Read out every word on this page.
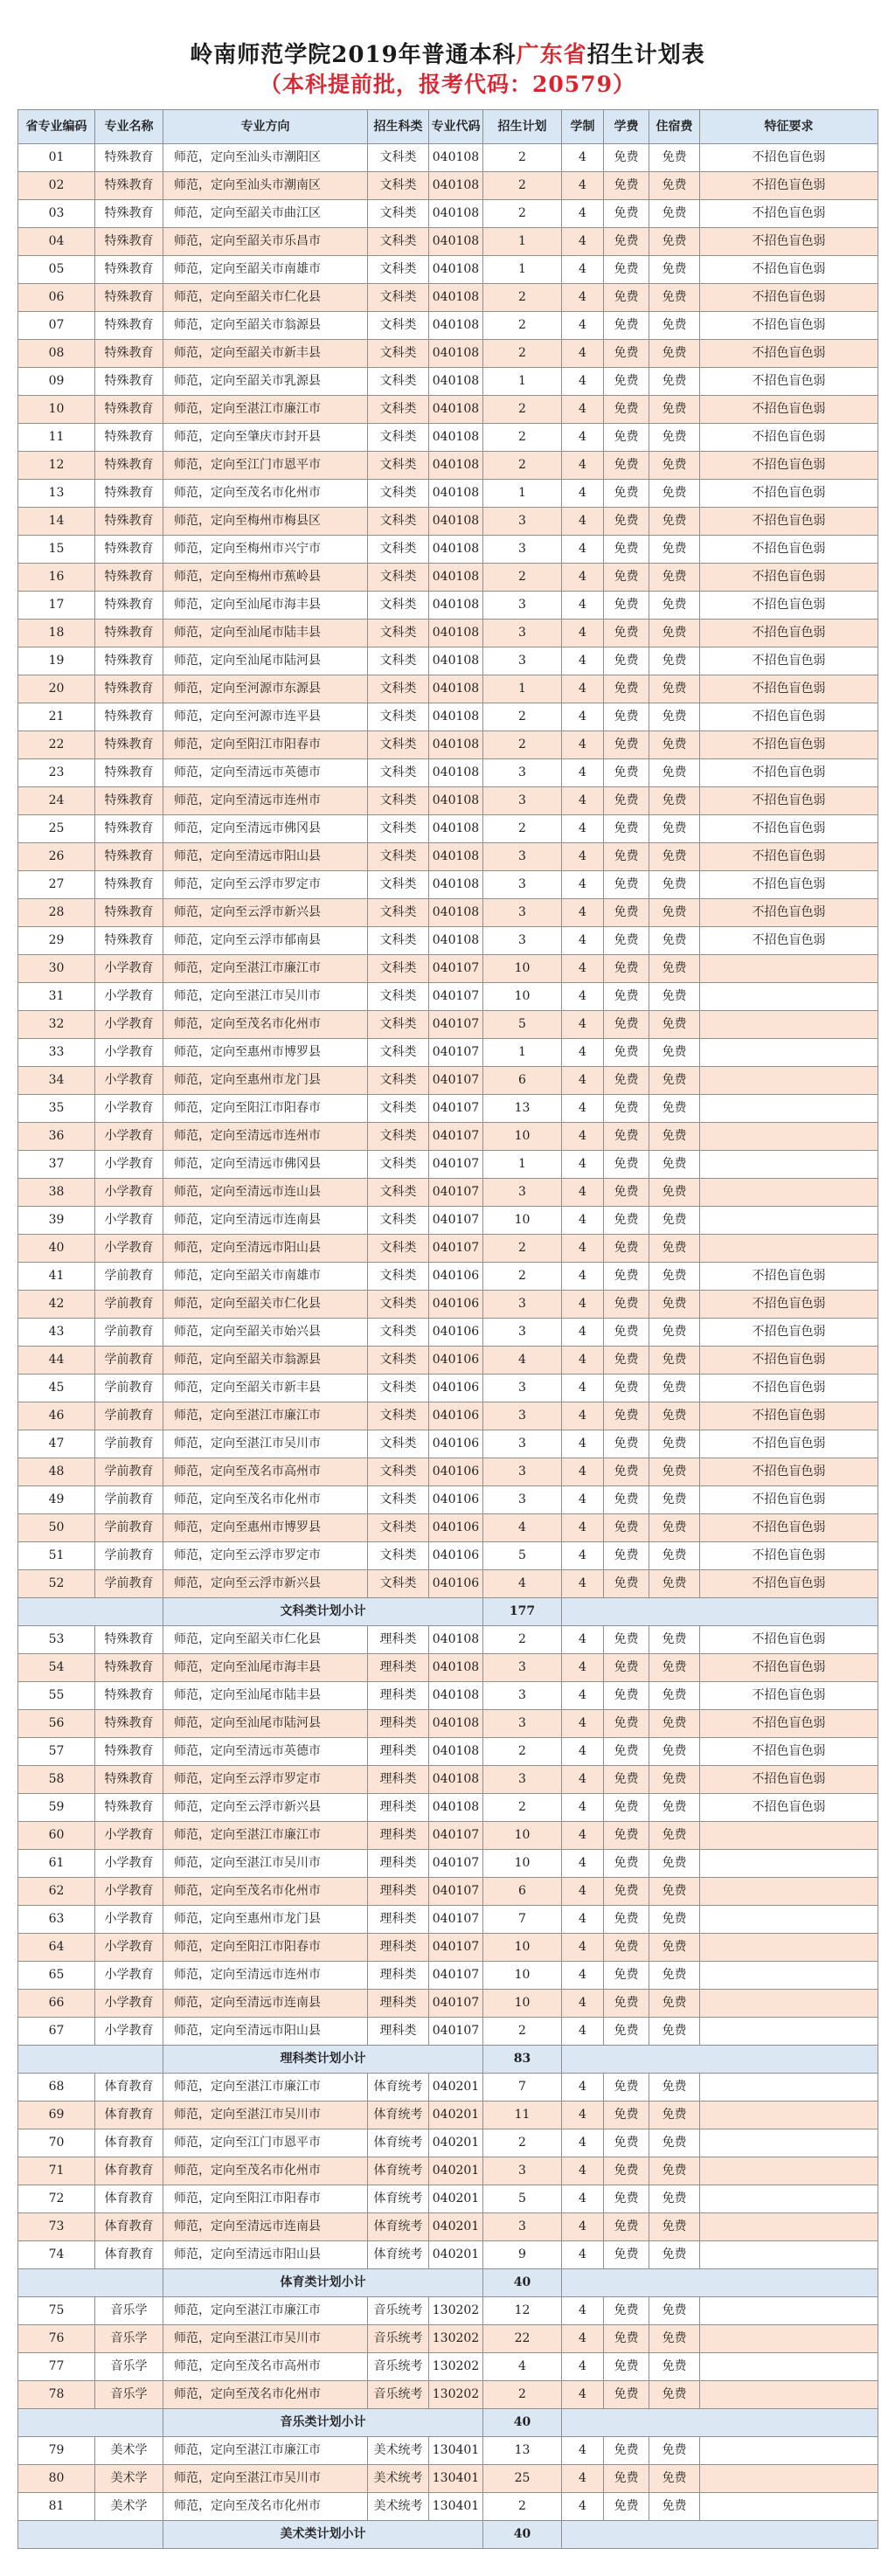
岭南师范学院2019年普通本科广东省招生计划表
（本科提前批，报考代码：20579）
省专业编码	专业名称	专业方向	招生科类	专业代码	招生计划	学制	学费	住宿费	特征要求
01	特殊教育	师范，定向至汕头市潮阳区	文科类	040108	2	4	免费	免费	不招色盲色弱
02	特殊教育	师范，定向至汕头市潮南区	文科类	040108	2	4	免费	免费	不招色盲色弱
03	特殊教育	师范，定向至韶关市曲江区	文科类	040108	2	4	免费	免费	不招色盲色弱
04	特殊教育	师范，定向至韶关市乐昌市	文科类	040108	1	4	免费	免费	不招色盲色弱
05	特殊教育	师范，定向至韶关市南雄市	文科类	040108	1	4	免费	免费	不招色盲色弱
06	特殊教育	师范，定向至韶关市仁化县	文科类	040108	2	4	免费	免费	不招色盲色弱
07	特殊教育	师范，定向至韶关市翁源县	文科类	040108	2	4	免费	免费	不招色盲色弱
08	特殊教育	师范，定向至韶关市新丰县	文科类	040108	2	4	免费	免费	不招色盲色弱
09	特殊教育	师范，定向至韶关市乳源县	文科类	040108	1	4	免费	免费	不招色盲色弱
10	特殊教育	师范，定向至湛江市廉江市	文科类	040108	2	4	免费	免费	不招色盲色弱
11	特殊教育	师范，定向至肇庆市封开县	文科类	040108	2	4	免费	免费	不招色盲色弱
12	特殊教育	师范，定向至江门市恩平市	文科类	040108	2	4	免费	免费	不招色盲色弱
13	特殊教育	师范，定向至茂名市化州市	文科类	040108	1	4	免费	免费	不招色盲色弱
14	特殊教育	师范，定向至梅州市梅县区	文科类	040108	3	4	免费	免费	不招色盲色弱
15	特殊教育	师范，定向至梅州市兴宁市	文科类	040108	3	4	免费	免费	不招色盲色弱
16	特殊教育	师范，定向至梅州市蕉岭县	文科类	040108	2	4	免费	免费	不招色盲色弱
17	特殊教育	师范，定向至汕尾市海丰县	文科类	040108	3	4	免费	免费	不招色盲色弱
18	特殊教育	师范，定向至汕尾市陆丰县	文科类	040108	3	4	免费	免费	不招色盲色弱
19	特殊教育	师范，定向至汕尾市陆河县	文科类	040108	3	4	免费	免费	不招色盲色弱
20	特殊教育	师范，定向至河源市东源县	文科类	040108	1	4	免费	免费	不招色盲色弱
21	特殊教育	师范，定向至河源市连平县	文科类	040108	2	4	免费	免费	不招色盲色弱
22	特殊教育	师范，定向至阳江市阳春市	文科类	040108	2	4	免费	免费	不招色盲色弱
23	特殊教育	师范，定向至清远市英德市	文科类	040108	3	4	免费	免费	不招色盲色弱
24	特殊教育	师范，定向至清远市连州市	文科类	040108	3	4	免费	免费	不招色盲色弱
25	特殊教育	师范，定向至清远市佛冈县	文科类	040108	2	4	免费	免费	不招色盲色弱
26	特殊教育	师范，定向至清远市阳山县	文科类	040108	3	4	免费	免费	不招色盲色弱
27	特殊教育	师范，定向至云浮市罗定市	文科类	040108	3	4	免费	免费	不招色盲色弱
28	特殊教育	师范，定向至云浮市新兴县	文科类	040108	3	4	免费	免费	不招色盲色弱
29	特殊教育	师范，定向至云浮市郁南县	文科类	040108	3	4	免费	免费	不招色盲色弱
30	小学教育	师范，定向至湛江市廉江市	文科类	040107	10	4	免费	免费	
31	小学教育	师范，定向至湛江市吴川市	文科类	040107	10	4	免费	免费	
32	小学教育	师范，定向至茂名市化州市	文科类	040107	5	4	免费	免费	
33	小学教育	师范，定向至惠州市博罗县	文科类	040107	1	4	免费	免费	
34	小学教育	师范，定向至惠州市龙门县	文科类	040107	6	4	免费	免费	
35	小学教育	师范，定向至阳江市阳春市	文科类	040107	13	4	免费	免费	
36	小学教育	师范，定向至清远市连州市	文科类	040107	10	4	免费	免费	
37	小学教育	师范，定向至清远市佛冈县	文科类	040107	1	4	免费	免费	
38	小学教育	师范，定向至清远市连山县	文科类	040107	3	4	免费	免费	
39	小学教育	师范，定向至清远市连南县	文科类	040107	10	4	免费	免费	
40	小学教育	师范，定向至清远市阳山县	文科类	040107	2	4	免费	免费	
41	学前教育	师范，定向至韶关市南雄市	文科类	040106	2	4	免费	免费	不招色盲色弱
42	学前教育	师范，定向至韶关市仁化县	文科类	040106	3	4	免费	免费	不招色盲色弱
43	学前教育	师范，定向至韶关市始兴县	文科类	040106	3	4	免费	免费	不招色盲色弱
44	学前教育	师范，定向至韶关市翁源县	文科类	040106	4	4	免费	免费	不招色盲色弱
45	学前教育	师范，定向至韶关市新丰县	文科类	040106	3	4	免费	免费	不招色盲色弱
46	学前教育	师范，定向至湛江市廉江市	文科类	040106	3	4	免费	免费	不招色盲色弱
47	学前教育	师范，定向至湛江市吴川市	文科类	040106	3	4	免费	免费	不招色盲色弱
48	学前教育	师范，定向至茂名市高州市	文科类	040106	3	4	免费	免费	不招色盲色弱
49	学前教育	师范，定向至茂名市化州市	文科类	040106	3	4	免费	免费	不招色盲色弱
50	学前教育	师范，定向至惠州市博罗县	文科类	040106	4	4	免费	免费	不招色盲色弱
51	学前教育	师范，定向至云浮市罗定市	文科类	040106	5	4	免费	免费	不招色盲色弱
52	学前教育	师范，定向至云浮市新兴县	文科类	040106	4	4	免费	免费	不招色盲色弱
		文科类计划小计			177				
53	特殊教育	师范，定向至韶关市仁化县	理科类	040108	2	4	免费	免费	不招色盲色弱
54	特殊教育	师范，定向至汕尾市海丰县	理科类	040108	3	4	免费	免费	不招色盲色弱
55	特殊教育	师范，定向至汕尾市陆丰县	理科类	040108	3	4	免费	免费	不招色盲色弱
56	特殊教育	师范，定向至汕尾市陆河县	理科类	040108	3	4	免费	免费	不招色盲色弱
57	特殊教育	师范，定向至清远市英德市	理科类	040108	2	4	免费	免费	不招色盲色弱
58	特殊教育	师范，定向至云浮市罗定市	理科类	040108	3	4	免费	免费	不招色盲色弱
59	特殊教育	师范，定向至云浮市新兴县	理科类	040108	2	4	免费	免费	不招色盲色弱
60	小学教育	师范，定向至湛江市廉江市	理科类	040107	10	4	免费	免费	
61	小学教育	师范，定向至湛江市吴川市	理科类	040107	10	4	免费	免费	
62	小学教育	师范，定向至茂名市化州市	理科类	040107	6	4	免费	免费	
63	小学教育	师范，定向至惠州市龙门县	理科类	040107	7	4	免费	免费	
64	小学教育	师范，定向至阳江市阳春市	理科类	040107	10	4	免费	免费	
65	小学教育	师范，定向至清远市连州市	理科类	040107	10	4	免费	免费	
66	小学教育	师范，定向至清远市连南县	理科类	040107	10	4	免费	免费	
67	小学教育	师范，定向至清远市阳山县	理科类	040107	2	4	免费	免费	
		理科类计划小计			83				
68	体育教育	师范，定向至湛江市廉江市	体育统考	040201	7	4	免费	免费	
69	体育教育	师范，定向至湛江市吴川市	体育统考	040201	11	4	免费	免费	
70	体育教育	师范，定向至江门市恩平市	体育统考	040201	2	4	免费	免费	
71	体育教育	师范，定向至茂名市化州市	体育统考	040201	3	4	免费	免费	
72	体育教育	师范，定向至阳江市阳春市	体育统考	040201	5	4	免费	免费	
73	体育教育	师范，定向至清远市连南县	体育统考	040201	3	4	免费	免费	
74	体育教育	师范，定向至清远市阳山县	体育统考	040201	9	4	免费	免费	
		体育类计划小计			40				
75	音乐学	师范，定向至湛江市廉江市	音乐统考	130202	12	4	免费	免费	
76	音乐学	师范，定向至湛江市吴川市	音乐统考	130202	22	4	免费	免费	
77	音乐学	师范，定向至茂名市高州市	音乐统考	130202	4	4	免费	免费	
78	音乐学	师范，定向至茂名市化州市	音乐统考	130202	2	4	免费	免费	
		音乐类计划小计			40				
79	美术学	师范，定向至湛江市廉江市	美术统考	130401	13	4	免费	免费	
80	美术学	师范，定向至湛江市吴川市	美术统考	130401	25	4	免费	免费	
81	美术学	师范，定向至茂名市化州市	美术统考	130401	2	4	免费	免费	
		美术类计划小计			40				
